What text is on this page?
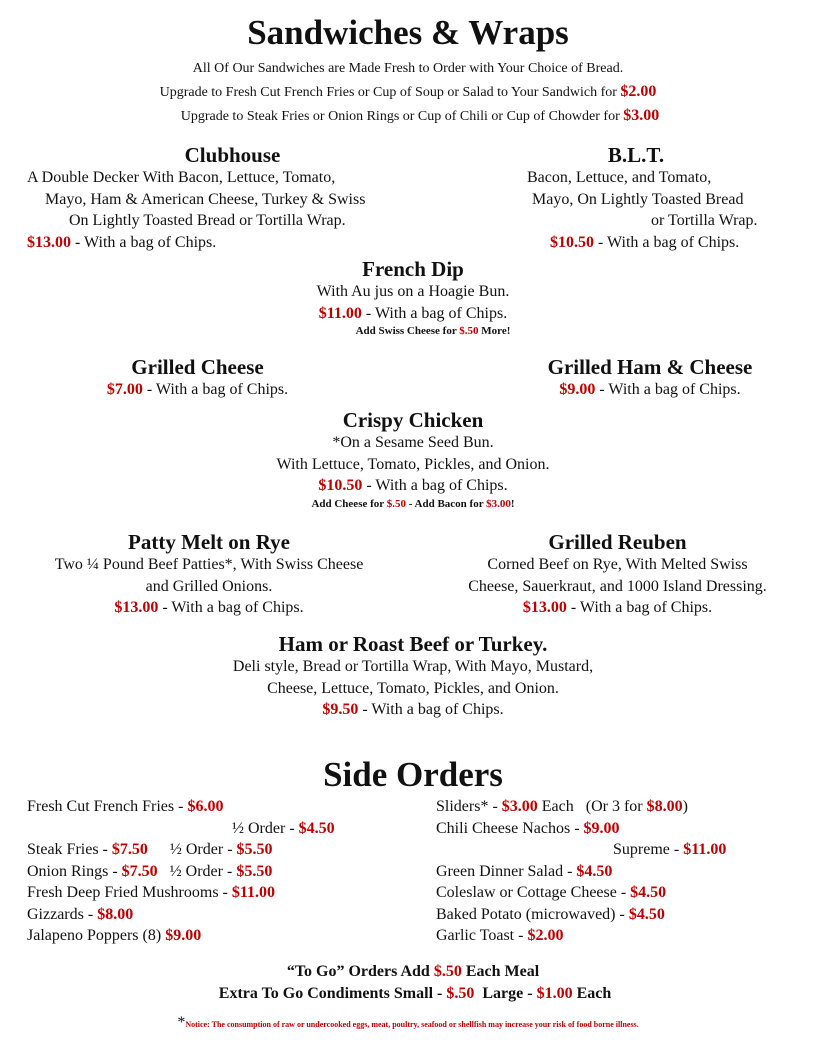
Sandwiches & Wraps
All Of Our Sandwiches are Made Fresh to Order with Your Choice of Bread.
Upgrade to Fresh Cut French Fries or Cup of Soup or Salad to Your Sandwich for $2.00
Upgrade to Steak Fries or Onion Rings or Cup of Chili or Cup of Chowder for $3.00
Clubhouse
A Double Decker With Bacon, Lettuce, Tomato,
Mayo, Ham & American Cheese, Turkey & Swiss
On Lightly Toasted Bread or Tortilla Wrap.
$13.00 - With a bag of Chips.
B.L.T.
Bacon, Lettuce, and Tomato,
Mayo, On Lightly Toasted Bread
or Tortilla Wrap.
$10.50 - With a bag of Chips.
French Dip
With Au jus on a Hoagie Bun.
$11.00 - With a bag of Chips.
Add Swiss Cheese for $.50 More!
Grilled Cheese
$7.00 - With a bag of Chips.
Grilled Ham & Cheese
$9.00 - With a bag of Chips.
Crispy Chicken
*On a Sesame Seed Bun.
With Lettuce, Tomato, Pickles, and Onion.
$10.50 - With a bag of Chips.
Add Cheese for $.50 - Add Bacon for $3.00!
Patty Melt on Rye
Two ¼ Pound Beef Patties*, With Swiss Cheese
and Grilled Onions.
$13.00 - With a bag of Chips.
Grilled Reuben
Corned Beef on Rye, With Melted Swiss
Cheese, Sauerkraut, and 1000 Island Dressing.
$13.00 - With a bag of Chips.
Ham or Roast Beef or Turkey.
Deli style, Bread or Tortilla Wrap, With Mayo, Mustard,
Cheese, Lettuce, Tomato, Pickles, and Onion.
$9.50 - With a bag of Chips.
Side Orders
Fresh Cut French Fries - $6.00
½ Order - $4.50
Steak Fries - $7.50 ½ Order - $5.50
Onion Rings - $7.50 ½ Order - $5.50
Fresh Deep Fried Mushrooms - $11.00
Gizzards - $8.00
Jalapeno Poppers (8) $9.00
Sliders* - $3.00 Each   (Or 3 for $8.00)
Chili Cheese Nachos - $9.00
Supreme - $11.00
Green Dinner Salad - $4.50
Coleslaw or Cottage Cheese - $4.50
Baked Potato (microwaved) - $4.50
Garlic Toast - $2.00
“To Go” Orders Add $.50 Each Meal
Extra To Go Condiments Small - $.50  Large - $1.00 Each
*Notice: The consumption of raw or undercooked eggs, meat, poultry, seafood or shellfish may increase your risk of food borne illness.
